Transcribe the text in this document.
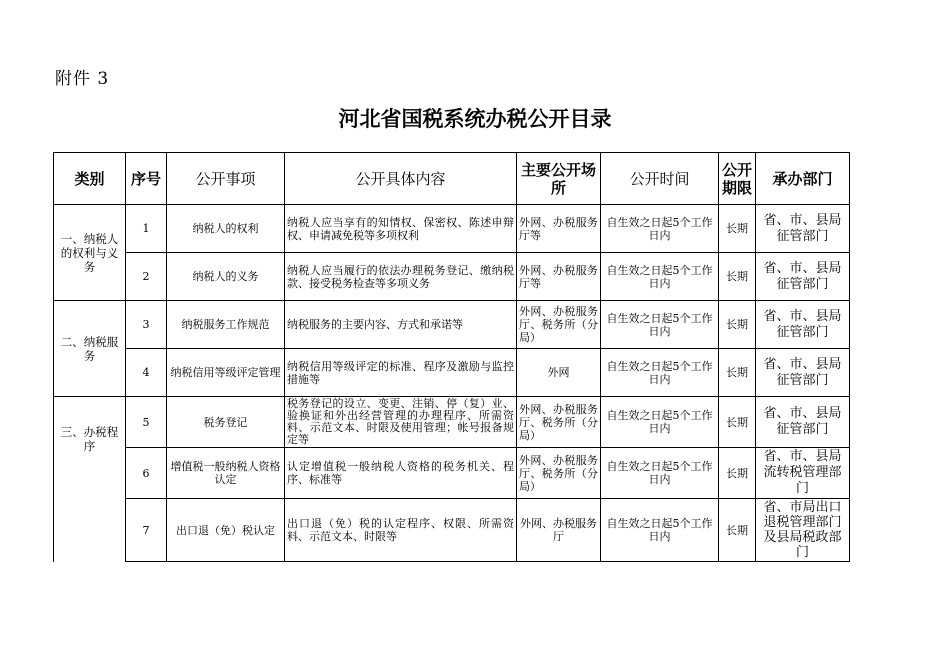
附件 3
河北省国税系统办税公开目录
类别	序号	公开事项	公开具体内容	主要公开场　　所	公开时间	公开期限	承办部门
一、纳税人的权利与义务	1	纳税人的权利	纳税人应当享有的知情权、保密权、陈述申辩权、申请减免税等多项权利	外网、办税服务厅等	自生效之日起5个工作日内	长期	省、市、县局征管部门
	2	纳税人的义务	纳税人应当履行的依法办理税务登记、缴纳税款、接受税务检查等多项义务	外网、办税服务厅等	自生效之日起5个工作日内	长期	省、市、县局征管部门
二、纳税服务	3	纳税服务工作规范	纳税服务的主要内容、方式和承诺等	外网、办税服务厅、税务所（分局）	自生效之日起5个工作日内	长期	省、市、县局征管部门
	4	纳税信用等级评定管理	纳税信用等级评定的标准、程序及激励与监控措施等	外网	自生效之日起5个工作日内	长期	省、市、县局征管部门
三、办税程序	5	税务登记	税务登记的设立、变更、注销、停（复）业、验换证和外出经营管理的办理程序、所需资料、示范文本、时限及使用管理；帐号报备规定等	外网、办税服务厅、税务所（分局）	自生效之日起5个工作日内	长期	省、市、县局征管部门
	6	增值税一般纳税人资格认定	认定增值税一般纳税人资格的税务机关、程序、标准等	外网、办税服务厅、税务所（分局）	自生效之日起5个工作日内	长期	省、市、县局流转税管理部门
	7	出口退（免）税认定	出口退（免）税的认定程序、权限、所需资料、示范文本、时限等	外网、办税服务厅	自生效之日起5个工作日内	长期	省、市局出口退税管理部门及县局税政部门
